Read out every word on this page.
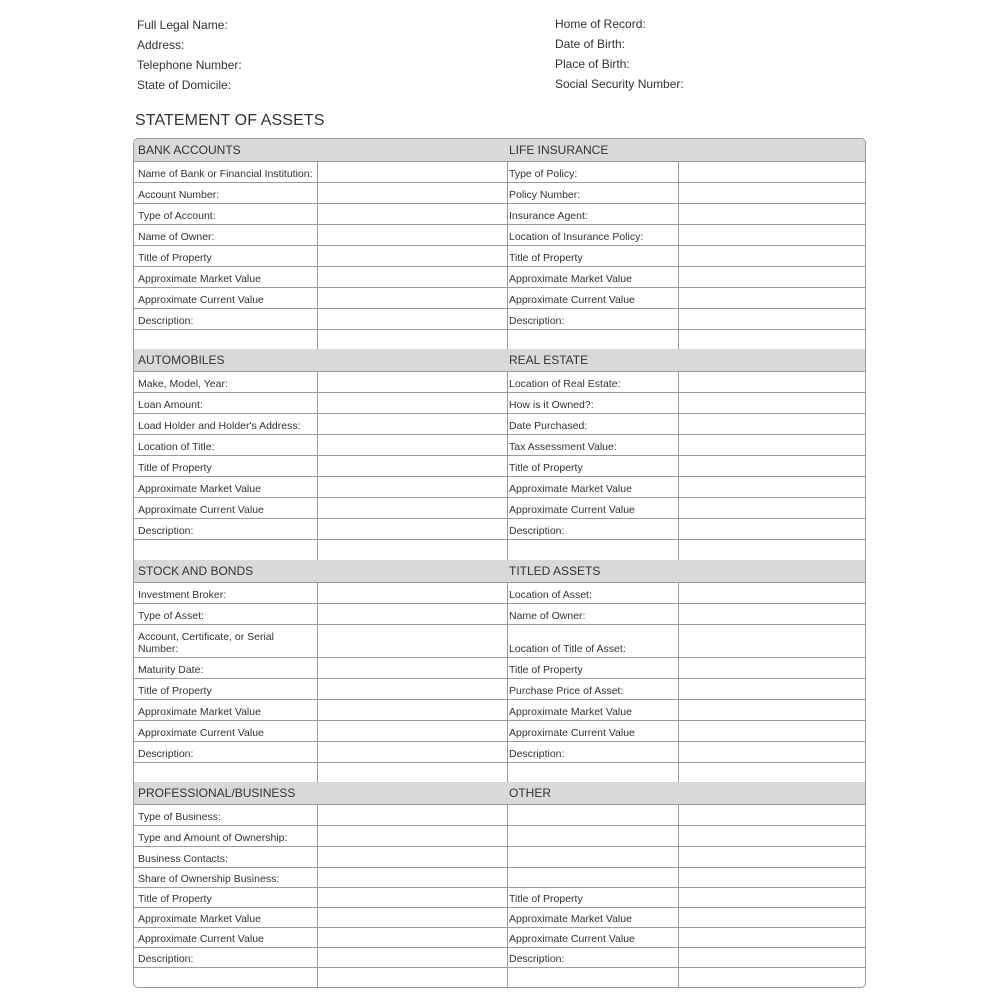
Full Legal Name:
Address:
Telephone Number:
State of Domicile:
Home of Record:
Date of Birth:
Place of Birth:
Social Security Number:
STATEMENT OF ASSETS
BANK ACCOUNTS
Name of Bank or Financial Institution:
Account Number:
Type of Account:
Name of Owner:
Title of Property
Approximate Market Value
Approximate Current Value
Description:
AUTOMOBILES
Make, Model, Year:
Loan Amount:
Load Holder and Holder's Address:
Location of Title:
Title of Property
Approximate Market Value
Approximate Current Value
Description:
STOCK AND BONDS
Investment Broker:
Type of Asset:
Account, Certificate, or Serial
Number:
Maturity Date:
Title of Property
Approximate Market Value
Approximate Current Value
Description:
PROFESSIONAL/BUSINESS
Type of Business:
Type and Amount of Ownership:
Business Contacts:
Share of Ownership Business:
Title of Property
Approximate Market Value
Approximate Current Value
Description:
LIFE INSURANCE
Type of Policy:
Policy Number:
Insurance Agent:
Location of Insurance Policy:
Title of Property
Approximate Market Value
Approximate Current Value
Description:
REAL ESTATE
Location of Real Estate:
How is it Owned?:
Date Purchased:
Tax Assessment Value:
Title of Property
Approximate Market Value
Approximate Current Value
Description:
TITLED ASSETS
Location of Asset:
Name of Owner:
Location of Title of Asset:
Title of Property
Purchase Price of Asset:
Approximate Market Value
Approximate Current Value
Description:
OTHER
Title of Property
Approximate Market Value
Approximate Current Value
Description:
